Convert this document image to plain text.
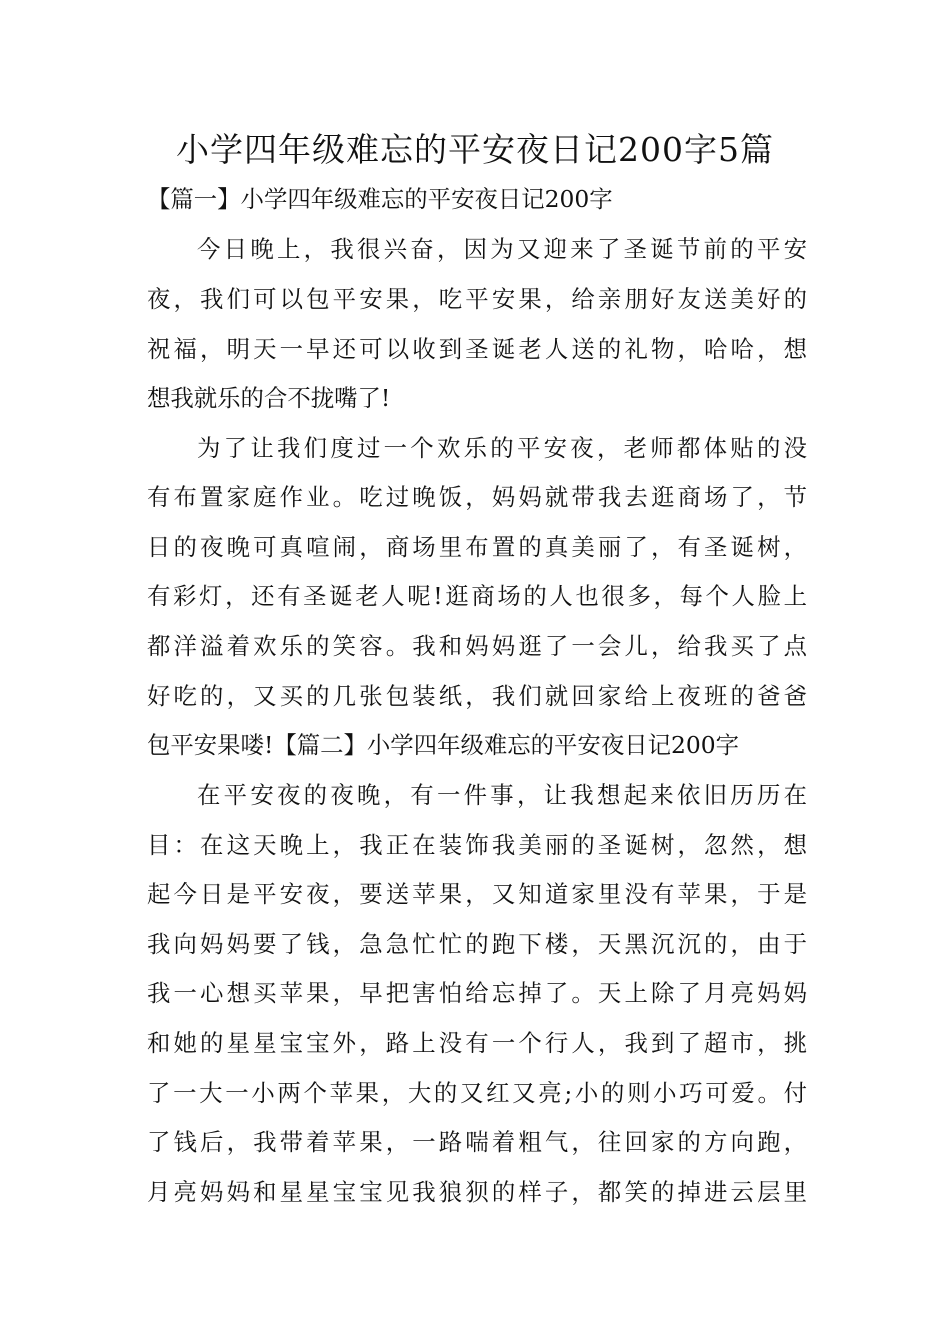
小学四年级难忘的平安夜日记200字5篇
【篇一】小学四年级难忘的平安夜日记200字
今日晚上，我很兴奋，因为又迎来了圣诞节前的平安
夜，我们可以包平安果，吃平安果，给亲朋好友送美好的
祝福，明天一早还可以收到圣诞老人送的礼物，哈哈，想
想我就乐的合不拢嘴了!
为了让我们度过一个欢乐的平安夜，老师都体贴的没
有布置家庭作业。吃过晚饭，妈妈就带我去逛商场了，节
日的夜晚可真喧闹，商场里布置的真美丽了，有圣诞树，
有彩灯，还有圣诞老人呢!逛商场的人也很多，每个人脸上
都洋溢着欢乐的笑容。我和妈妈逛了一会儿，给我买了点
好吃的，又买的几张包装纸，我们就回家给上夜班的爸爸
包平安果喽!【篇二】小学四年级难忘的平安夜日记200字
在平安夜的夜晚，有一件事，让我想起来依旧历历在
目：在这天晚上，我正在装饰我美丽的圣诞树，忽然，想
起今日是平安夜，要送苹果，又知道家里没有苹果，于是
我向妈妈要了钱，急急忙忙的跑下楼，天黑沉沉的，由于
我一心想买苹果，早把害怕给忘掉了。天上除了月亮妈妈
和她的星星宝宝外，路上没有一个行人，我到了超市，挑
了一大一小两个苹果，大的又红又亮;小的则小巧可爱。付
了钱后，我带着苹果，一路喘着粗气，往回家的方向跑，
月亮妈妈和星星宝宝见我狼狈的样子，都笑的掉进云层里
